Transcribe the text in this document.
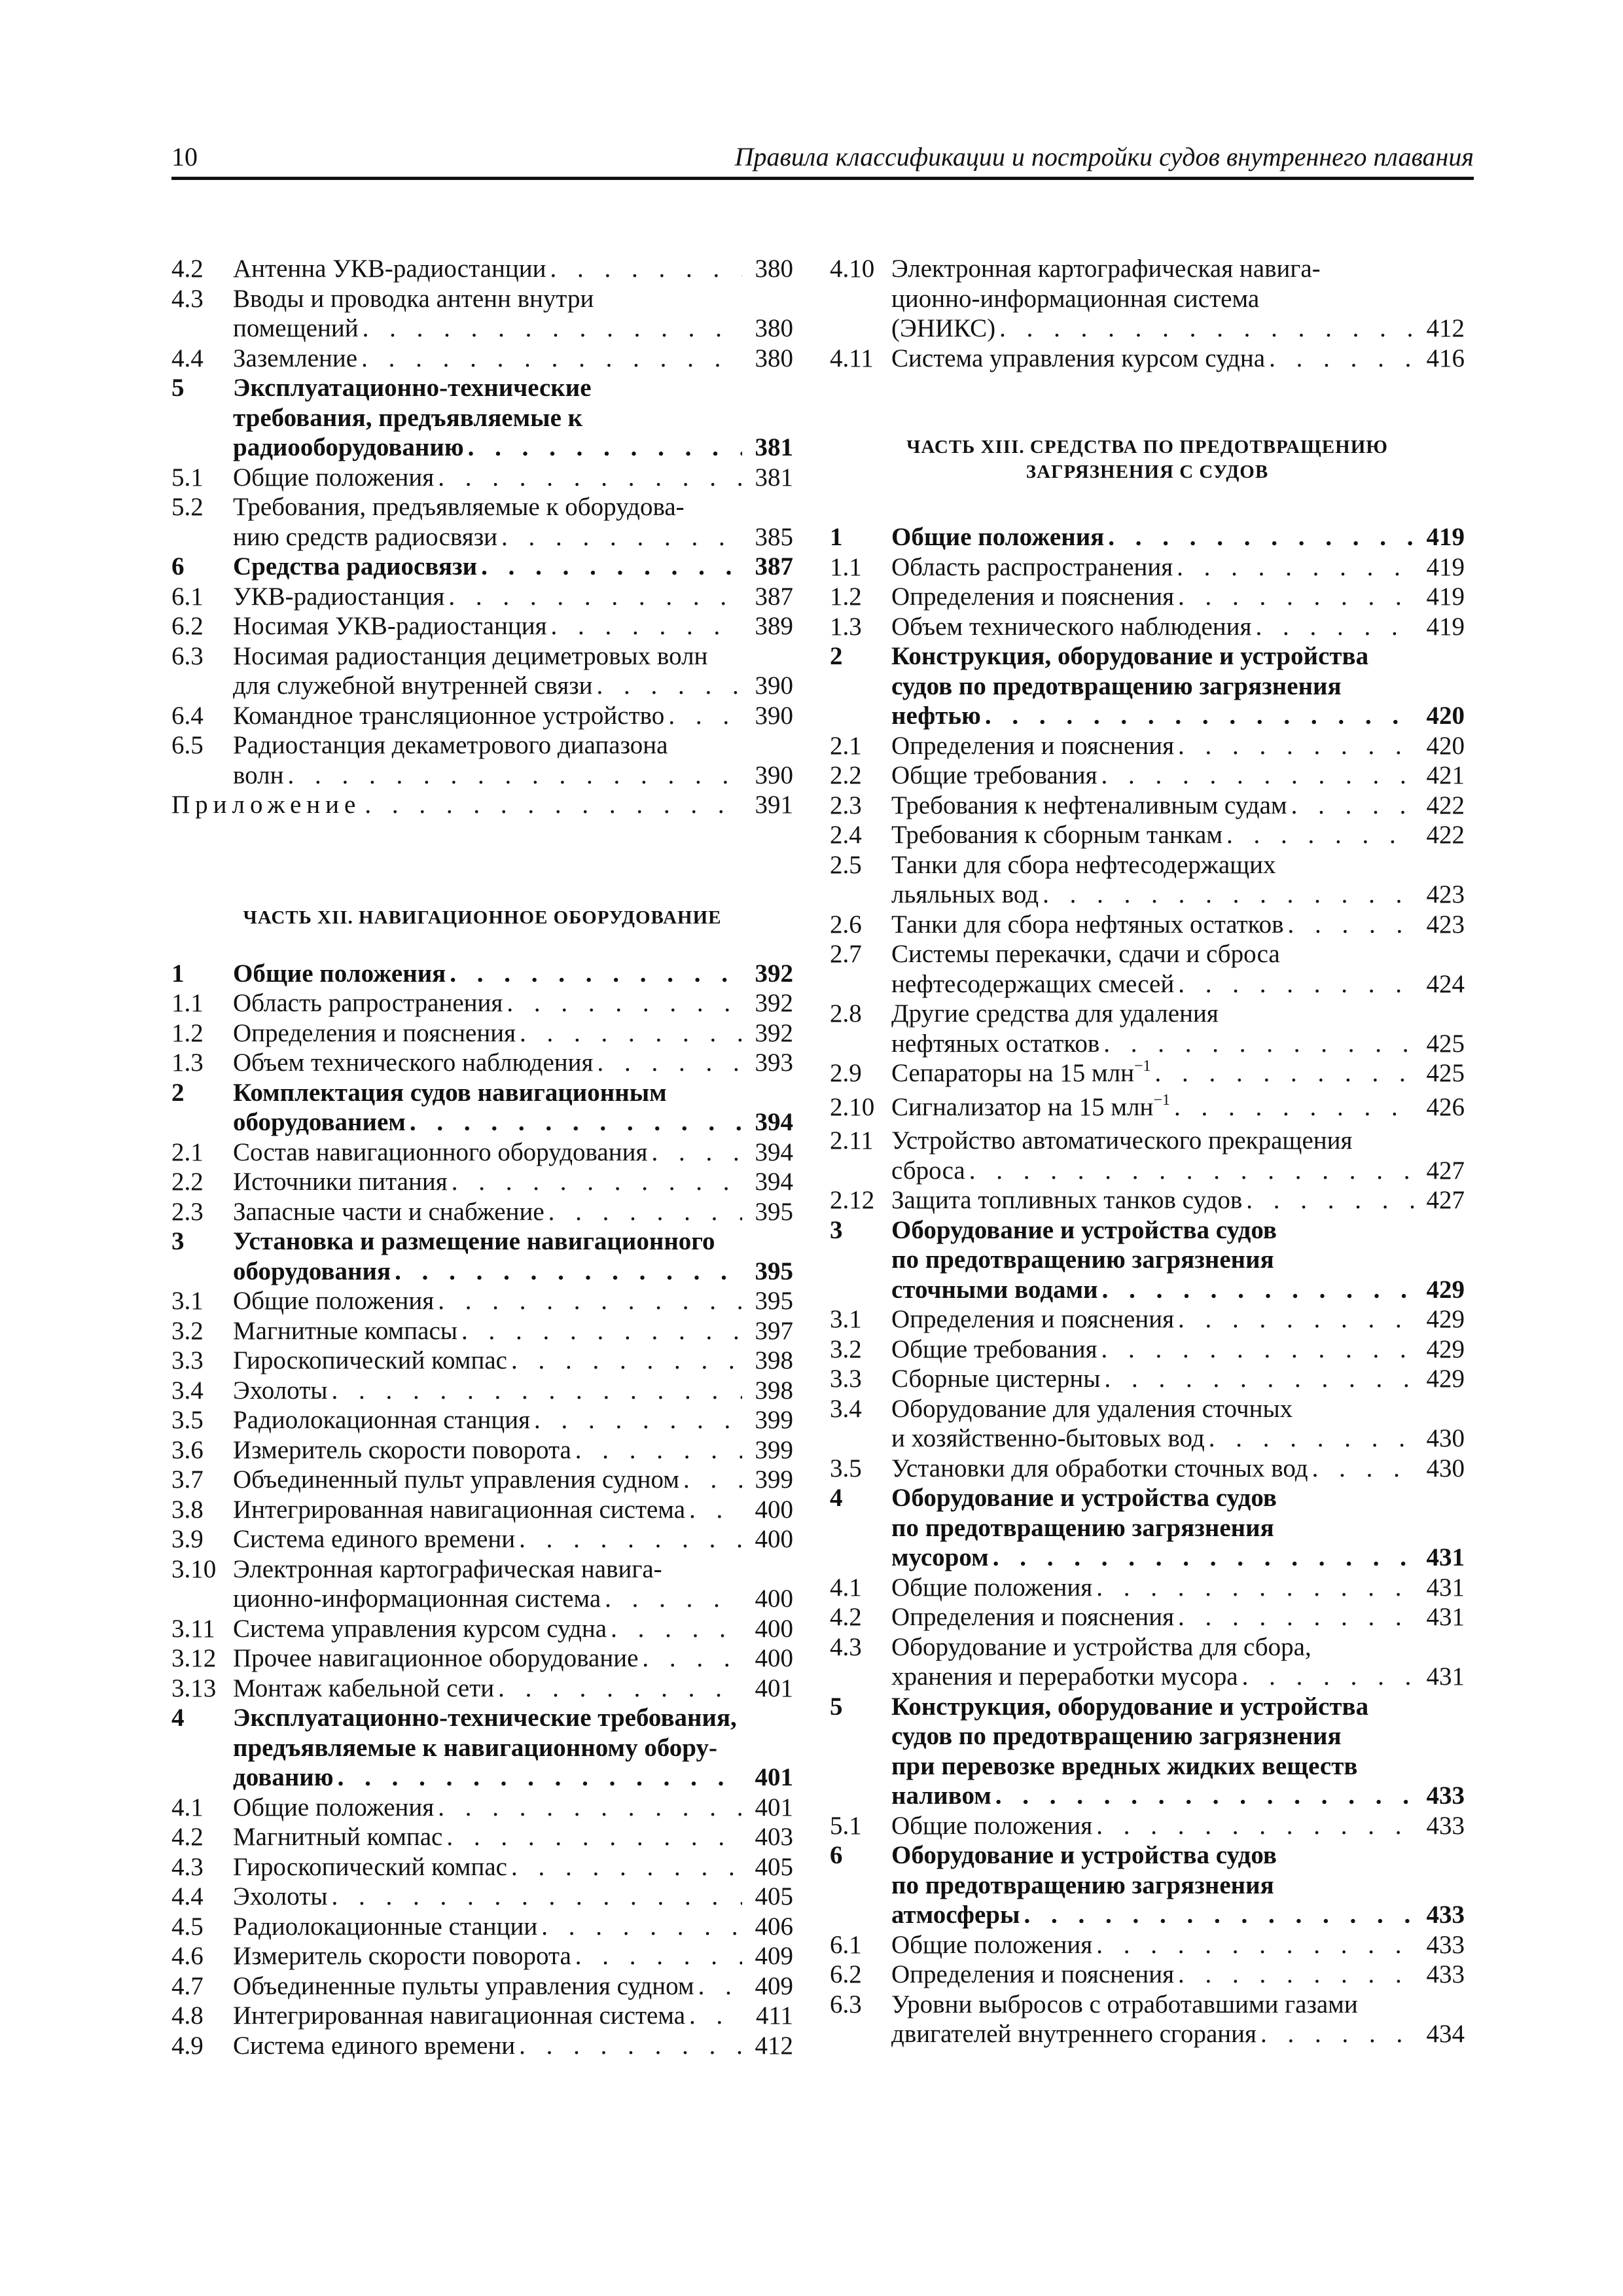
10	Правила классификации и постройки судов внутреннего плавания
4.2	Антенна УКВ-радиостанции . . .	380
4.3	Вводы и проводка антенн внутри
помещений . . .	380
4.4	Заземление . . .	380
5	Эксплуатационно-технические
требования, предъявляемые к
радиооборудованию . . .	381
5.1	Общие положения . . .	381
5.2	Требования, предъявляемые к оборудова-
нию средств радиосвязи . . .	385
6	Средства радиосвязи . . .	387
6.1	УКВ-радиостанция . . .	387
6.2	Носимая УКВ-радиостанция . . .	389
6.3	Носимая радиостанция дециметровых волн
для служебной внутренней связи . . .	390
6.4	Командное трансляционное устройство . . .	390
6.5	Радиостанция декаметрового диапазона
волн . . .	390
Приложение . . .	391
ЧАСТЬ XII. НАВИГАЦИОННОЕ ОБОРУДОВАНИЕ
1	Общие положения . . .	392
1.1	Область рапространения . . .	392
1.2	Определения и пояснения . . .	392
1.3	Объем технического наблюдения . . .	393
2	Комплектация судов навигационным
оборудованием . . .	394
2.1	Состав навигационного оборудования . . .	394
2.2	Источники питания . . .	394
2.3	Запасные части и снабжение . . .	395
3	Установка и размещение навигационного
оборудования . . .	395
3.1	Общие положения . . .	395
3.2	Магнитные компасы . . .	397
3.3	Гироскопический компас . . .	398
3.4	Эхолоты . . .	398
3.5	Радиолокационная станция . . .	399
3.6	Измеритель скорости поворота . . .	399
3.7	Объединенный пульт управления судном . . .	399
3.8	Интегрированная навигационная система . . .	400
3.9	Система единого времени . . .	400
3.10 Электронная картографическая навига-
ционно-информационная система . . .	400
3.11 Система управления курсом судна . . .	400
3.12 Прочее навигационное оборудование . . .	400
3.13 Монтаж кабельной сети . . .	401
4	Эксплуатационно-технические требования,
предъявляемые к навигационному обору-
дованию . . .	401
4.1	Общие положения . . .	401
4.2	Магнитный компас . . .	403
4.3	Гироскопический компас . . .	405
4.4	Эхолоты . . .	405
4.5	Радиолокационные станции . . .	406
4.6	Измеритель скорости поворота . . .	409
4.7	Объединенные пульты управления судном . . .	409
4.8	Интегрированная навигационная система . . .	411
4.9	Система единого времени . . .	412
4.10 Электронная картографическая навига-
ционно-информационная система
(ЭНИКС) . . .	412
4.11 Система управления курсом судна . . .	416
ЧАСТЬ XIII. СРЕДСТВА ПО ПРЕДОТВРАЩЕНИЮ
ЗАГРЯЗНЕНИЯ С СУДОВ
1	Общие положения . . .	419
1.1	Область распространения . . .	419
1.2	Определения и пояснения . . .	419
1.3	Объем технического наблюдения . . .	419
2	Конструкция, оборудование и устройства
судов по предотвращению загрязнения
нефтью . . .	420
2.1	Определения и пояснения . . .	420
2.2	Общие требования . . .	421
2.3	Требования к нефтеналивным судам . . .	422
2.4	Требования к сборным танкам . . .	422
2.5	Танки для сбора нефтесодержащих
льяльных вод . . .	423
2.6	Танки для сбора нефтяных остатков . . .	423
2.7	Системы перекачки, сдачи и сброса
нефтесодержащих смесей . . .	424
2.8	Другие средства для удаления
нефтяных остатков . . .	425
2.9	Сепараторы на 15 млн$^{-1}$ . . .	425
2.10 Сигнализатор на 15 млн$^{-1}$ . . .	426
2.11 Устройство автоматического прекращения
сброса . . .	427
2.12 Защита топливных танков судов . . .	427
3	Оборудование и устройства судов
по предотвращению загрязнения
сточными водами . . .	429
3.1	Определения и пояснения . . .	429
3.2	Общие требования . . .	429
3.3	Сборные цистерны . . .	429
3.4	Оборудование для удаления сточных
и хозяйственно-бытовых вод . . .	430
3.5	Установки для обработки сточных вод . . .	430
4	Оборудование и устройства судов
по предотвращению загрязнения
мусором . . .	431
4.1	Общие положения . . .	431
4.2	Определения и пояснения . . .	431
4.3	Оборудование и устройства для сбора,
хранения и переработки мусора . . .	431
5	Конструкция, оборудование и устройства
судов по предотвращению загрязнения
при перевозке вредных жидких веществ
наливом . . .	433
5.1	Общие положения . . .	433
6	Оборудование и устройства судов
по предотвращению загрязнения
атмосферы . . .	433
6.1	Общие положения . . .	433
6.2	Определения и пояснения . . .	433
6.3	Уровни выбросов с отработавшими газами
двигателей внутреннего сгорания . . .	434
